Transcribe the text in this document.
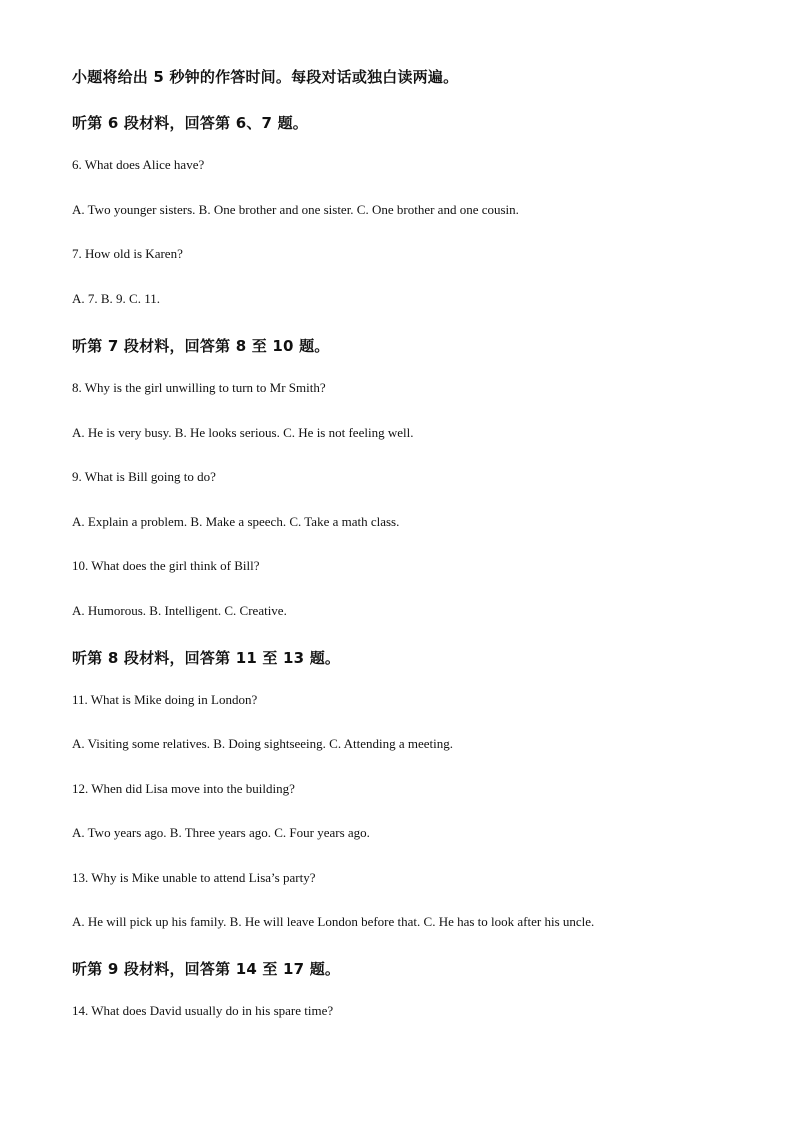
小题将给出 5 秒钟的作答时间。每段对话或独白读两遍。
听第 6 段材料，回答第 6、7 题。
6. What does Alice have?
A. Two younger sisters. B. One brother and one sister. C. One brother and one cousin.
7. How old is Karen?
A. 7. B. 9. C. 11.
听第 7 段材料，回答第 8 至 10 题。
8. Why is the girl unwilling to turn to Mr Smith?
A. He is very busy. B. He looks serious. C. He is not feeling well.
9. What is Bill going to do?
A. Explain a problem. B. Make a speech. C. Take a math class.
10. What does the girl think of Bill?
A. Humorous. B. Intelligent. C. Creative.
听第 8 段材料，回答第 11 至 13 题。
11. What is Mike doing in London?
A. Visiting some relatives. B. Doing sightseeing. C. Attending a meeting.
12. When did Lisa move into the building?
A. Two years ago. B. Three years ago. C. Four years ago.
13. Why is Mike unable to attend Lisa’s party?
A. He will pick up his family. B. He will leave London before that. C. He has to look after his uncle.
听第 9 段材料，回答第 14 至 17 题。
14. What does David usually do in his spare time?
